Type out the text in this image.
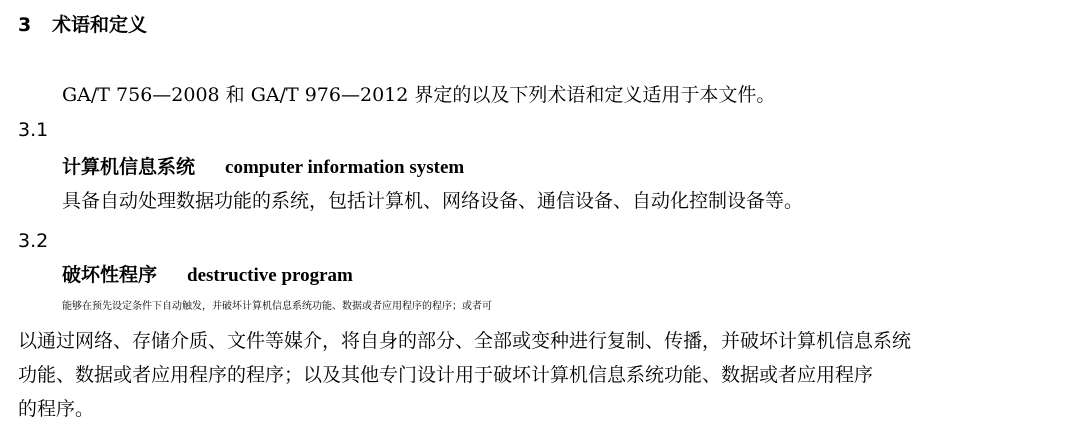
3 术语和定义
GA/T 756—2008 和 GA/T 976—2012 界定的以及下列术语和定义适用于本文件。
3.1
计算机信息系统 computer information system
具备自动处理数据功能的系统，包括计算机、网络设备、通信设备、自动化控制设备等。
3.2
破坏性程序 destructive program
能够在预先设定条件下自动触发，并破坏计算机信息系统功能、数据或者应用程序的程序；或者可
以通过网络、存储介质、文件等媒介，将自身的部分、全部或变种进行复制、传播，并破坏计算机信息系统
功能、数据或者应用程序的程序；以及其他专门设计用于破坏计算机信息系统功能、数据或者应用程序
的程序。
